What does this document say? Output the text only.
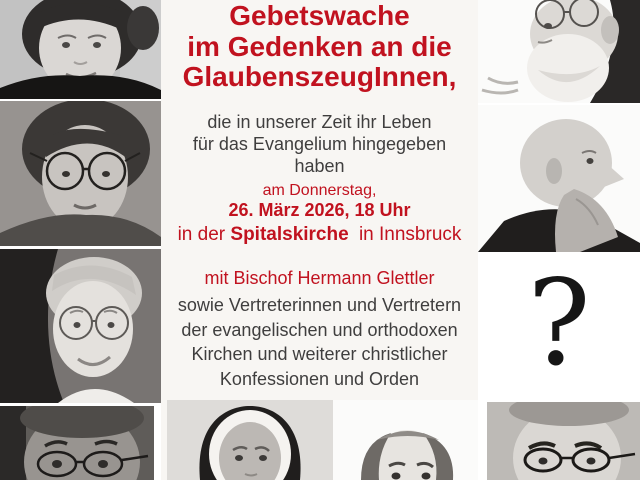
Gebetswache
im Gedenken an die
GlaubenszeugInnen,
die in unserer Zeit ihr Leben
für das Evangelium hingegeben
haben
am Donnerstag,
26. März 2026, 18 Uhr
in der Spitalskirche in Innsbruck
mit Bischof Hermann Glettler
sowie Vertreterinnen und Vertretern
der evangelischen und orthodoxen
Kirchen und weiterer christlicher
Konfessionen und Orden ?
